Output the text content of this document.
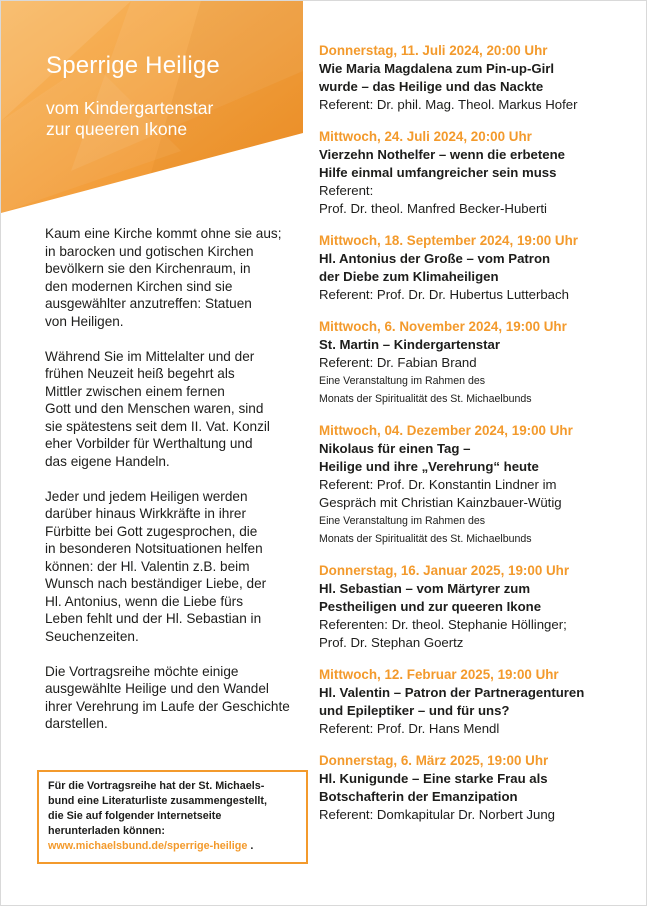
Sperrige Heilige
vom Kindergartenstar
zur queeren Ikone

Kaum eine Kirche kommt ohne sie aus;
in barocken und gotischen Kirchen
bevölkern sie den Kirchenraum, in
den modernen Kirchen sind sie
ausgewählter anzutreffen: Statuen
von Heiligen.

Während Sie im Mittelalter und der
frühen Neuzeit heiß begehrt als
Mittler zwischen einem fernen
Gott und den Menschen waren, sind
sie spätestens seit dem II. Vat. Konzil
eher Vorbilder für Werthaltung und
das eigene Handeln.

Jeder und jedem Heiligen werden
darüber hinaus Wirkkräfte in ihrer
Fürbitte bei Gott zugesprochen, die
in besonderen Notsituationen helfen
können: der Hl. Valentin z.B. beim
Wunsch nach beständiger Liebe, der
Hl. Antonius, wenn die Liebe fürs
Leben fehlt und der Hl. Sebastian in
Seuchenzeiten.

Die Vortragsreihe möchte einige
ausgewählte Heilige und den Wandel
ihrer Verehrung im Laufe der Geschichte
darstellen.

Für die Vortragsreihe hat der St. Michaels-
bund eine Literaturliste zusammengestellt,
die Sie auf folgender Internetseite
herunterladen können:
www.michaelsbund.de/sperrige-heilige .
Donnerstag, 11. Juli 2024, 20:00 Uhr
Wie Maria Magdalena zum Pin-up-Girl
wurde – das Heilige und das Nackte
Referent: Dr. phil. Mag. Theol. Markus Hofer
Mittwoch, 24. Juli 2024, 20:00 Uhr
Vierzehn Nothelfer – wenn die erbetene
Hilfe einmal umfangreicher sein muss
Referent:
Prof. Dr. theol. Manfred Becker-Huberti
Mittwoch, 18. September 2024, 19:00 Uhr
Hl. Antonius der Große – vom Patron
der Diebe zum Klimaheiligen
Referent: Prof. Dr. Dr. Hubertus Lutterbach
Mittwoch, 6. November 2024, 19:00 Uhr
St. Martin – Kindergartenstar
Referent: Dr. Fabian Brand
Eine Veranstaltung im Rahmen des
Monats der Spiritualität des St. Michaelbunds
Mittwoch, 04. Dezember 2024, 19:00 Uhr
Nikolaus für einen Tag –
Heilige und ihre „Verehrung“ heute
Referent: Prof. Dr. Konstantin Lindner im
Gespräch mit Christian Kainzbauer-Wütig
Eine Veranstaltung im Rahmen des
Monats der Spiritualität des St. Michaelbunds
Donnerstag, 16. Januar 2025, 19:00 Uhr
Hl. Sebastian – vom Märtyrer zum
Pestheiligen und zur queeren Ikone
Referenten: Dr. theol. Stephanie Höllinger;
Prof. Dr. Stephan Goertz
Mittwoch, 12. Februar 2025, 19:00 Uhr
Hl. Valentin – Patron der Partneragenturen
und Epileptiker – und für uns?
Referent: Prof. Dr. Hans Mendl
Donnerstag, 6. März 2025, 19:00 Uhr
Hl. Kunigunde – Eine starke Frau als
Botschafterin der Emanzipation
Referent: Domkapitular Dr. Norbert Jung
